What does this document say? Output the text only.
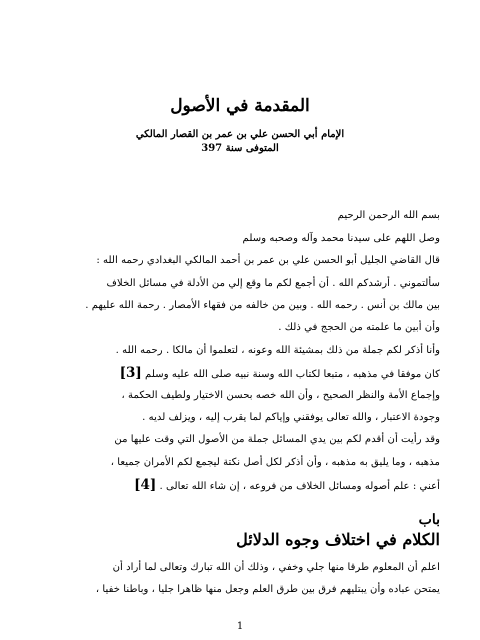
المقدمة في الأصول
الإمام أبي الحسن علي بن عمر بن القصار المالكي
المتوفى سنة 397
بسم الله الرحمن الرحيم
وصل اللهم على سيدنا محمد وآله وصحبه وسلم
قال القاضي الجليل أبو الحسن علي بن عمر بن أحمد المالكي البغدادي رحمه الله :
سألتموني . أرشدكم الله . أن أجمع لكم ما وقع إلي من الأدلة في مسائل الخلاف
بين مالك بن أنس . رحمه الله . وبين من خالفه من فقهاء الأمصار . رحمة الله عليهم .
وأن أبين ما علمته من الحجج في ذلك .
وأنا أذكر لكم جملة من ذلك بمشيئة الله وعونه ، لتعلموا أن مالكا . رحمه الله .
كان موفقا في مذهبه ، متبعا لكتاب الله وسنة نبيه صلى الله عليه وسلم [3]
وإجماع الأمة والنظر الصحيح ، وأن الله خصه بحسن الاختيار ولطيف الحكمة ،
وجودة الاعتبار ، والله تعالى يوفقني وإياكم لما يقرب إليه ، ويزلف لديه .
وقد رأيت أن أقدم لكم بين يدي المسائل جملة من الأصول التي وقت عليها من
مذهبه ، وما يليق به مذهبه ، وأن أذكر لكل أصل نكتة ليجمع لكم الأمران جميعا ،
أعني : علم أصوله ومسائل الخلاف من فروعه ، إن شاء الله تعالى . [4]
باب
الكلام في اختلاف وجوه الدلائل
اعلم أن المعلوم طرقا منها جلي وخفي ، وذلك أن الله تبارك وتعالى لما أراد أن
يمتحن عباده وأن يبتليهم فرق بين طرق العلم وجعل منها ظاهرا جليا ، وباطنا خفيا ،
1
